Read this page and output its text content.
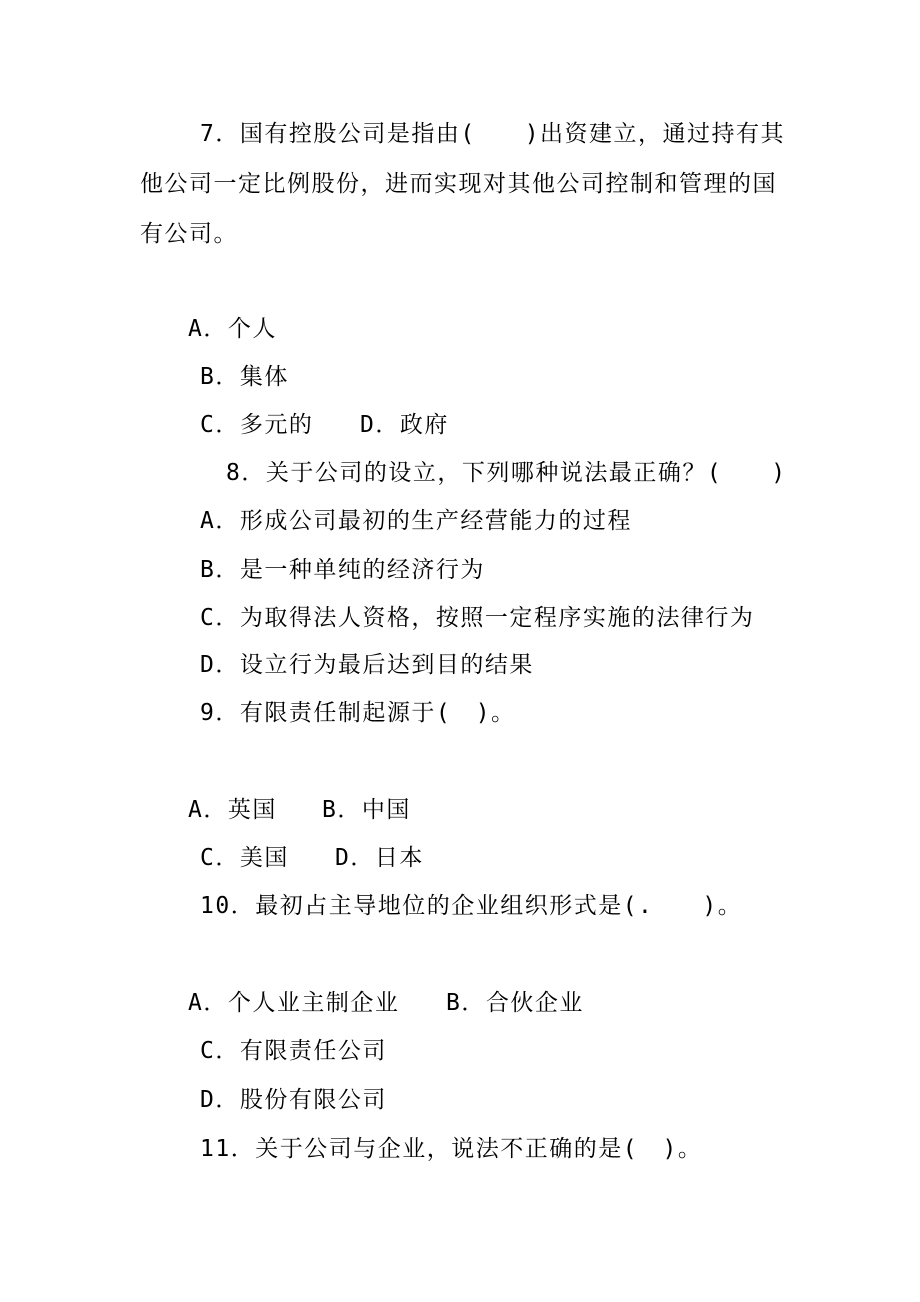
7．国有控股公司是指由(　　)出资建立，通过持有其
他公司一定比例股份，进而实现对其他公司控制和管理的国
有公司。
A．个人
B．集体
C．多元的 D．政府
8．关于公司的设立，下列哪种说法最正确？(　　)
A．形成公司最初的生产经营能力的过程
B．是一种单纯的经济行为
C．为取得法人资格，按照一定程序实施的法律行为
D．设立行为最后达到目的结果
9．有限责任制起源于(　)。
A．英国 B．中国
C．美国 D．日本
10．最初占主导地位的企业组织形式是(.　　)。
A．个人业主制企业 B．合伙企业
C．有限责任公司
D．股份有限公司
11．关于公司与企业，说法不正确的是(　)。
